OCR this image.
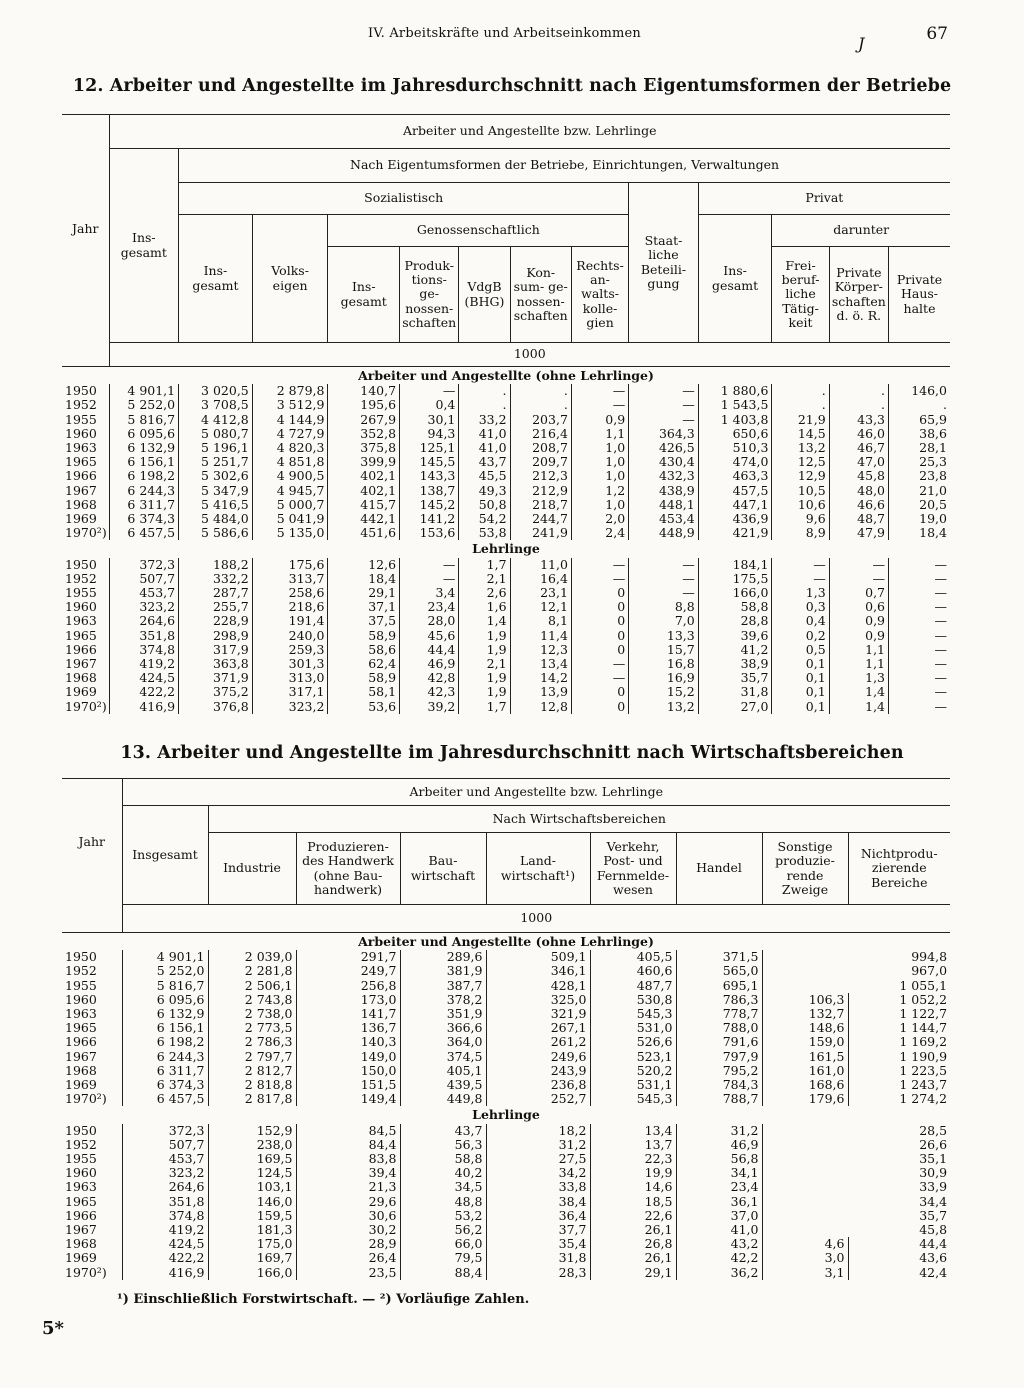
IV. Arbeitskräfte und Arbeitseinkommen
J	67
12. Arbeiter und Angestellte im Jahresdurchschnitt nach Eigentumsformen der Betriebe
Jahr	Arbeiter und Angestellte bzw. Lehrlinge												
	Ins- gesamt	Nach Eigentumsformen der Betriebe, Einrichtungen, Verwaltungen											
		Sozialistisch							Staat- liche Beteili- gung	Privat			
		Ins- gesamt	Volks- eigen	Genossenschaftlich						Ins- gesamt	darunter		
				Ins- gesamt	Produk- tions- ge- nossen- schaften	VdgB (BHG)	Kon- sum- ge- nossen- schaften	Rechts- an- walts- kolle- gien			Frei- beruf- liche Tätig- keit	Private Körper- schaften d. ö. R.	Private Haus- halte
	1000												
Arbeiter und Angestellte (ohne Lehrlinge)													
1950	4 901,1	3 020,5	2 879,8	140,7	—	.	.	—	—	1 880,6	.	.	146,0
1952	5 252,0	3 708,5	3 512,9	195,6	0,4	.	.	—	—	1 543,5	.	.	.
1955	5 816,7	4 412,8	4 144,9	267,9	30,1	33,2	203,7	0,9	—	1 403,8	21,9	43,3	65,9
1960	6 095,6	5 080,7	4 727,9	352,8	94,3	41,0	216,4	1,1	364,3	650,6	14,5	46,0	38,6
1963	6 132,9	5 196,1	4 820,3	375,8	125,1	41,0	208,7	1,0	426,5	510,3	13,2	46,7	28,1
1965	6 156,1	5 251,7	4 851,8	399,9	145,5	43,7	209,7	1,0	430,4	474,0	12,5	47,0	25,3
1966	6 198,2	5 302,6	4 900,5	402,1	143,3	45,5	212,3	1,0	432,3	463,3	12,9	45,8	23,8
1967	6 244,3	5 347,9	4 945,7	402,1	138,7	49,3	212,9	1,2	438,9	457,5	10,5	48,0	21,0
1968	6 311,7	5 416,5	5 000,7	415,7	145,2	50,8	218,7	1,0	448,1	447,1	10,6	46,6	20,5
1969	6 374,3	5 484,0	5 041,9	442,1	141,2	54,2	244,7	2,0	453,4	436,9	9,6	48,7	19,0
1970²)	6 457,5	5 586,6	5 135,0	451,6	153,6	53,8	241,9	2,4	448,9	421,9	8,9	47,9	18,4
Lehrlinge													
1950	372,3	188,2	175,6	12,6	—	1,7	11,0	—	—	184,1	—	—	—
1952	507,7	332,2	313,7	18,4	—	2,1	16,4	—	—	175,5	—	—	—
1955	453,7	287,7	258,6	29,1	3,4	2,6	23,1	0	—	166,0	1,3	0,7	—
1960	323,2	255,7	218,6	37,1	23,4	1,6	12,1	0	8,8	58,8	0,3	0,6	—
1963	264,6	228,9	191,4	37,5	28,0	1,4	8,1	0	7,0	28,8	0,4	0,9	—
1965	351,8	298,9	240,0	58,9	45,6	1,9	11,4	0	13,3	39,6	0,2	0,9	—
1966	374,8	317,9	259,3	58,6	44,4	1,9	12,3	0	15,7	41,2	0,5	1,1	—
1967	419,2	363,8	301,3	62,4	46,9	2,1	13,4	—	16,8	38,9	0,1	1,1	—
1968	424,5	371,9	313,0	58,9	42,8	1,9	14,2	—	16,9	35,7	0,1	1,3	—
1969	422,2	375,2	317,1	58,1	42,3	1,9	13,9	0	15,2	31,8	0,1	1,4	—
1970²)	416,9	376,8	323,2	53,6	39,2	1,7	12,8	0	13,2	27,0	0,1	1,4	—
13. Arbeiter und Angestellte im Jahresdurchschnitt nach Wirtschaftsbereichen
Jahr	Arbeiter und Angestellte bzw. Lehrlinge								
	Insgesamt	Nach Wirtschaftsbereichen							
		Industrie	Produzieren- des Handwerk (ohne Bau- handwerk)	Bau- wirtschaft	Land- wirtschaft¹)	Verkehr, Post- und Fernmelde- wesen	Handel	Sonstige produzie- rende Zweige	Nichtprodu- zierende Bereiche
	1000								
Arbeiter und Angestellte (ohne Lehrlinge)									
1950	4 901,1	2 039,0	291,7	289,6	509,1	405,5	371,5		994,8
1952	5 252,0	2 281,8	249,7	381,9	346,1	460,6	565,0		967,0
1955	5 816,7	2 506,1	256,8	387,7	428,1	487,7	695,1		1 055,1
1960	6 095,6	2 743,8	173,0	378,2	325,0	530,8	786,3	106,3	1 052,2
1963	6 132,9	2 738,0	141,7	351,9	321,9	545,3	778,7	132,7	1 122,7
1965	6 156,1	2 773,5	136,7	366,6	267,1	531,0	788,0	148,6	1 144,7
1966	6 198,2	2 786,3	140,3	364,0	261,2	526,6	791,6	159,0	1 169,2
1967	6 244,3	2 797,7	149,0	374,5	249,6	523,1	797,9	161,5	1 190,9
1968	6 311,7	2 812,7	150,0	405,1	243,9	520,2	795,2	161,0	1 223,5
1969	6 374,3	2 818,8	151,5	439,5	236,8	531,1	784,3	168,6	1 243,7
1970²)	6 457,5	2 817,8	149,4	449,8	252,7	545,3	788,7	179,6	1 274,2
Lehrlinge									
1950	372,3	152,9	84,5	43,7	18,2	13,4	31,2		28,5
1952	507,7	238,0	84,4	56,3	31,2	13,7	46,9		26,6
1955	453,7	169,5	83,8	58,8	27,5	22,3	56,8		35,1
1960	323,2	124,5	39,4	40,2	34,2	19,9	34,1		30,9
1963	264,6	103,1	21,3	34,5	33,8	14,6	23,4		33,9
1965	351,8	146,0	29,6	48,8	38,4	18,5	36,1		34,4
1966	374,8	159,5	30,6	53,2	36,4	22,6	37,0		35,7
1967	419,2	181,3	30,2	56,2	37,7	26,1	41,0		45,8
1968	424,5	175,0	28,9	66,0	35,4	26,8	43,2	4,6	44,4
1969	422,2	169,7	26,4	79,5	31,8	26,1	42,2	3,0	43,6
1970²)	416,9	166,0	23,5	88,4	28,3	29,1	36,2	3,1	42,4
¹) Einschließlich Forstwirtschaft. — ²) Vorläufige Zahlen.
5*
